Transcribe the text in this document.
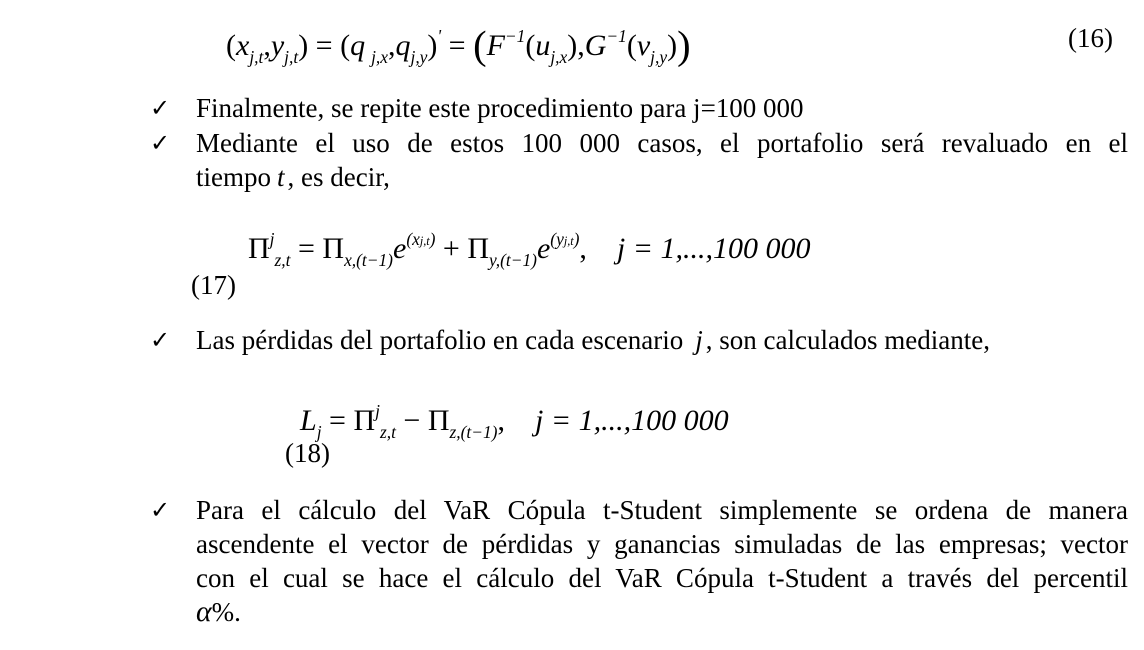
$(x_{j,t},y_{j,t}) = (q$ $_{j,x},q_{j,y})' = (F^{-1}(u_{j,x}),G^{-1}(v_{j,y}))$	(16)
✓ Finalmente, se repite este procedimiento para j=100 000
✓ Mediante el uso de estos 100 000 casos, el portafolio será revaluado en el
tiempo t , es decir,
$\Pi^j_{z,t} = \Pi_{x,(t-1)}e^{(xj,t)} + \Pi_{y,(t-1)}e^{(yj,t)}$, j = 1,...,100 000
(17)
✓ Las pérdidas del portafolio en cada escenario j , son calculados mediante,
$L_j = \Pi^j_{z,t} - \Pi_{z,(t-1)}$, j = 1,...,100 000
(18)
✓ Para el cálculo del VaR Cópula t-Student simplemente se ordena de manera
ascendente el vector de pérdidas y ganancias simuladas de las empresas; vector
con el cual se hace el cálculo del VaR Cópula t-Student a través del percentil
α%.
